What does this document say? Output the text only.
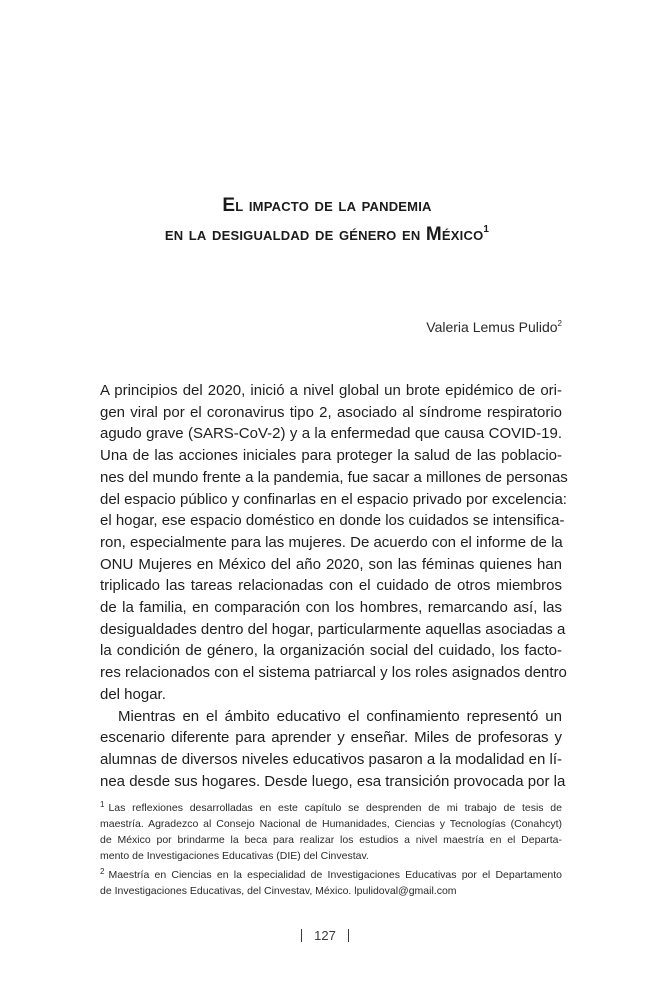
El impacto de la pandemia
en la desigualdad de género en México$^1$

Valeria Lemus Pulido$^2$

A principios del 2020, inició a nivel global un brote epidémico de ori-
gen viral por el coronavirus tipo 2, asociado al síndrome respiratorio
agudo grave (SARS-CoV-2) y a la enfermedad que causa COVID-19.
Una de las acciones iniciales para proteger la salud de las poblacio-
nes del mundo frente a la pandemia, fue sacar a millones de personas
del espacio público y confinarlas en el espacio privado por excelencia:
el hogar, ese espacio doméstico en donde los cuidados se intensifica-
ron, especialmente para las mujeres. De acuerdo con el informe de la
ONU Mujeres en México del año 2020, son las féminas quienes han
triplicado las tareas relacionadas con el cuidado de otros miembros
de la familia, en comparación con los hombres, remarcando así, las
desigualdades dentro del hogar, particularmente aquellas asociadas a
la condición de género, la organización social del cuidado, los facto-
res relacionados con el sistema patriarcal y los roles asignados dentro
del hogar.
Mientras en el ámbito educativo el confinamiento representó un
escenario diferente para aprender y enseñar. Miles de profesoras y
alumnas de diversos niveles educativos pasaron a la modalidad en lí-
nea desde sus hogares. Desde luego, esa transición provocada por la
$^1$ Las reflexiones desarrolladas en este capítulo se desprenden de mi trabajo de tesis de
maestría. Agradezco al Consejo Nacional de Humanidades, Ciencias y Tecnologías (Conahcyt)
de México por brindarme la beca para realizar los estudios a nivel maestría en el Departa-
mento de Investigaciones Educativas (DIE) del Cinvestav.
$^2$ Maestría en Ciencias en la especialidad de Investigaciones Educativas por el Departamento
de Investigaciones Educativas, del Cinvestav, México. lpulidoval@gmail.com
127
